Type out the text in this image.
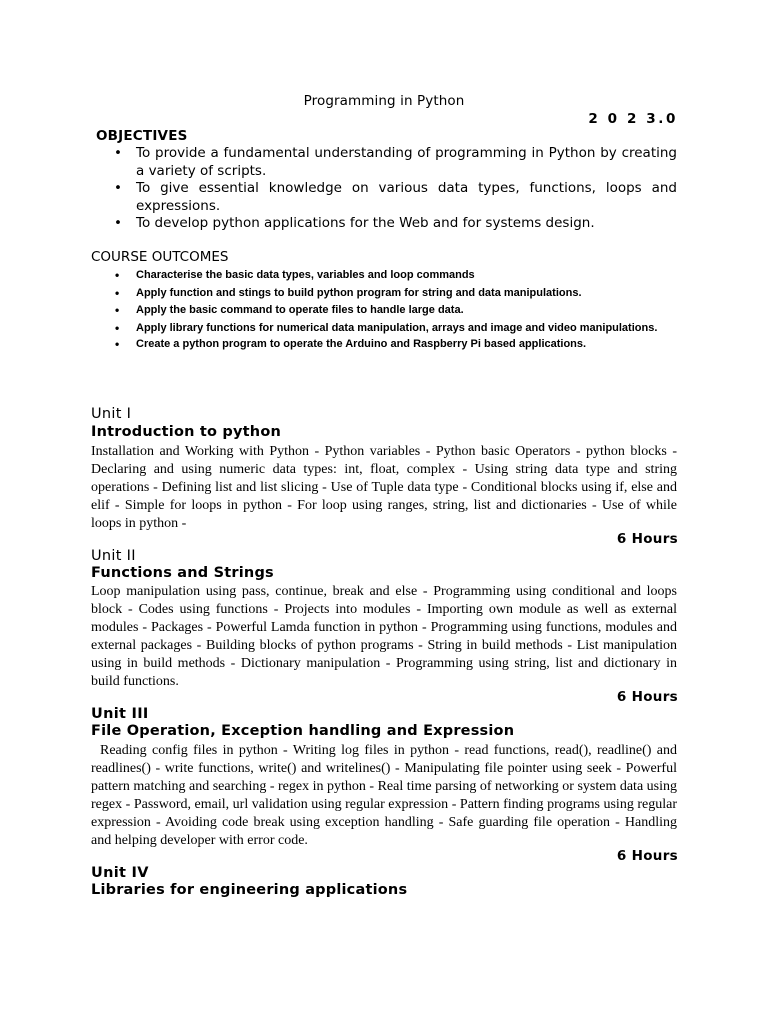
Programming in Python
2 0 2 3.0
OBJECTIVES
• To provide a fundamental understanding of programming in Python by creating a variety of scripts.
• To give essential knowledge on various data types, functions, loops and expressions.
• To develop python applications for the Web and for systems design.
COURSE OUTCOMES
• Characterise the basic data types, variables and loop commands
• Apply function and stings to build python program for string and data manipulations.
• Apply the basic command to operate files to handle large data.
• Apply library functions for numerical data manipulation, arrays and image and video manipulations.
• Create a python program to operate the Arduino and Raspberry Pi based applications.
Unit I
Introduction to python
Installation and Working with Python - Python variables - Python basic Operators - python blocks - Declaring and using numeric data types: int, float, complex - Using string data type and string operations - Defining list and list slicing - Use of Tuple data type - Conditional blocks using if, else and elif - Simple for loops in python - For loop using ranges, string, list and dictionaries - Use of while loops in python -
6 Hours
Unit II
Functions and Strings
Loop manipulation using pass, continue, break and else - Programming using conditional and loops block - Codes using functions - Projects into modules - Importing own module as well as external modules - Packages - Powerful Lamda function in python - Programming using functions, modules and external packages - Building blocks of python programs - String in build methods - List manipulation using in build methods - Dictionary manipulation - Programming using string, list and dictionary in build functions.
6 Hours
Unit III
File Operation, Exception handling and Expression
Reading config files in python - Writing log files in python - read functions, read(), readline() and readlines() - write functions, write() and writelines() - Manipulating file pointer using seek - Powerful pattern matching and searching - regex in python - Real time parsing of networking or system data using regex - Password, email, url validation using regular expression - Pattern finding programs using regular expression - Avoiding code break using exception handling - Safe guarding file operation - Handling and helping developer with error code.
6 Hours
Unit IV
Libraries for engineering applications
